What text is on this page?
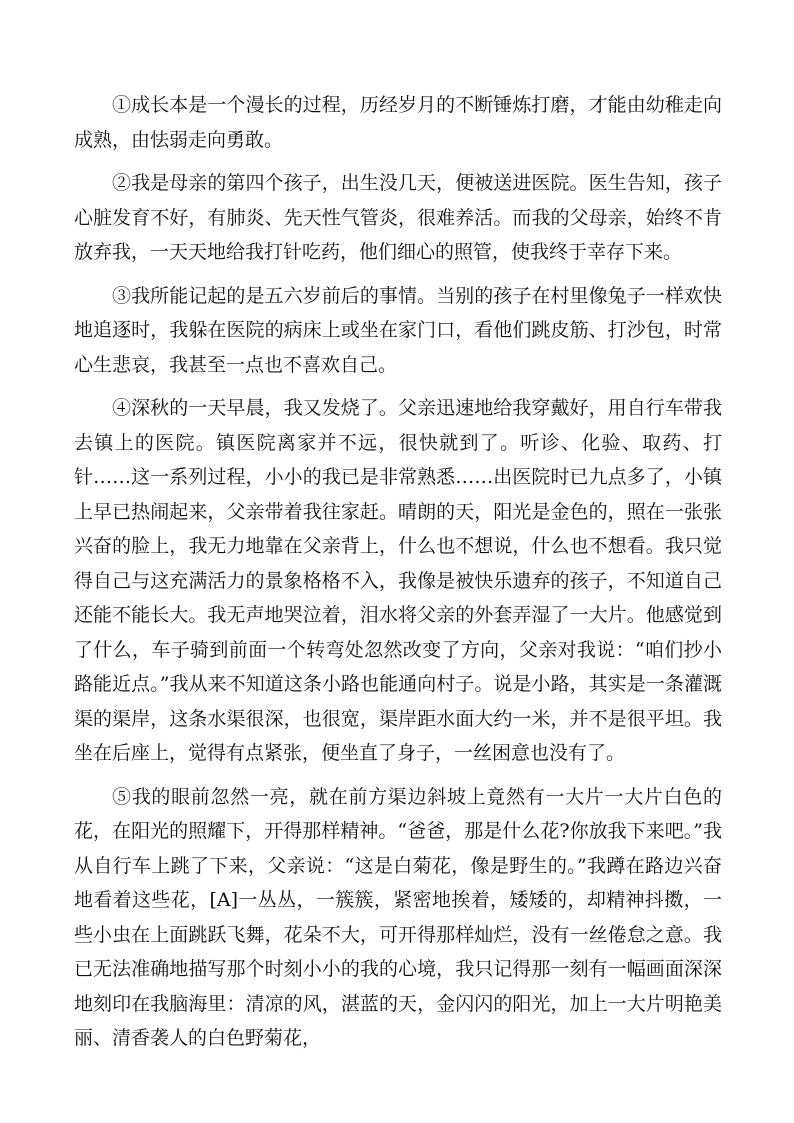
①成长本是一个漫长的过程，历经岁月的不断锤炼打磨，才能由幼稚走向成熟，由怯弱走向勇敢。

②我是母亲的第四个孩子，出生没几天，便被送进医院。医生告知，孩子心脏发育不好，有肺炎、先天性气管炎，很难养活。而我的父母亲，始终不肯放弃我，一天天地给我打针吃药，他们细心的照管，使我终于幸存下来。

③我所能记起的是五六岁前后的事情。当别的孩子在村里像兔子一样欢快地追逐时，我躲在医院的病床上或坐在家门口，看他们跳皮筋、打沙包，时常心生悲哀，我甚至一点也不喜欢自己。

④深秋的一天早晨，我又发烧了。父亲迅速地给我穿戴好，用自行车带我去镇上的医院。镇医院离家并不远，很快就到了。听诊、化验、取药、打针……这一系列过程，小小的我已是非常熟悉……出医院时已九点多了，小镇上早已热闹起来，父亲带着我往家赶。晴朗的天，阳光是金色的，照在一张张兴奋的脸上，我无力地靠在父亲背上，什么也不想说，什么也不想看。我只觉得自己与这充满活力的景象格格不入，我像是被快乐遗弃的孩子，不知道自己还能不能长大。我无声地哭泣着，泪水将父亲的外套弄湿了一大片。他感觉到了什么，车子骑到前面一个转弯处忽然改变了方向，父亲对我说：“咱们抄小路能近点。”我从来不知道这条小路也能通向村子。说是小路，其实是一条灌溉渠的渠岸，这条水渠很深，也很宽，渠岸距水面大约一米，并不是很平坦。我坐在后座上，觉得有点紧张，便坐直了身子，一丝困意也没有了。

⑤我的眼前忽然一亮，就在前方渠边斜坡上竟然有一大片一大片白色的花，在阳光的照耀下，开得那样精神。“爸爸，那是什么花?你放我下来吧。”我从自行车上跳了下来，父亲说：“这是白菊花，像是野生的。”我蹲在路边兴奋地看着这些花，[A]一丛丛，一簇簇，紧密地挨着，矮矮的，却精神抖擞，一些小虫在上面跳跃飞舞，花朵不大，可开得那样灿烂，没有一丝倦怠之意。我已无法准确地描写那个时刻小小的我的心境，我只记得那一刻有一幅画面深深地刻印在我脑海里：清凉的风，湛蓝的天，金闪闪的阳光，加上一大片明艳美丽、清香袭人的白色野菊花，
